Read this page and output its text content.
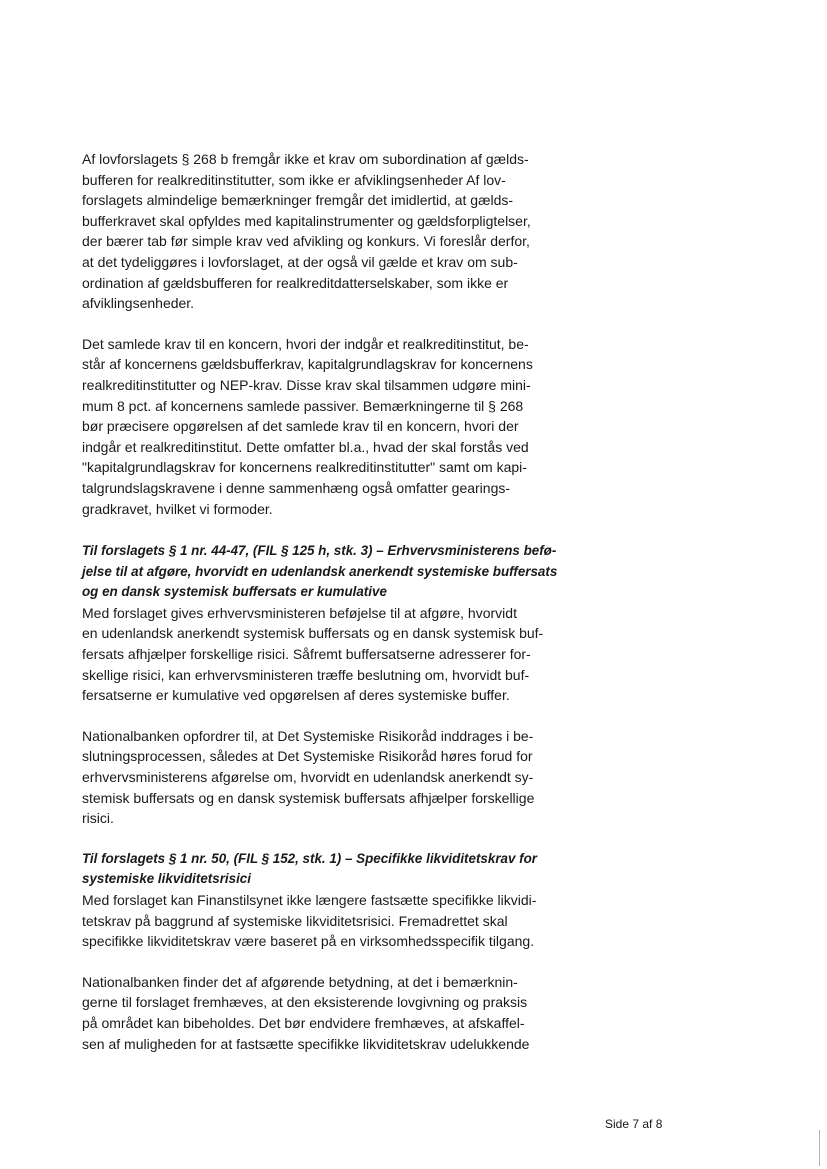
Af lovforslagets § 268 b fremgår ikke et krav om subordination af gælds-
bufferen for realkreditinstitutter, som ikke er afviklingsenheder Af lov-
forslagets almindelige bemærkninger fremgår det imidlertid, at gælds-
bufferkravet skal opfyldes med kapitalinstrumenter og gældsforpligtelser,
der bærer tab før simple krav ved afvikling og konkurs. Vi foreslår derfor,
at det tydeliggøres i lovforslaget, at der også vil gælde et krav om sub-
ordination af gældsbufferen for realkreditdatterselskaber, som ikke er
afviklingsenheder.

Det samlede krav til en koncern, hvori der indgår et realkreditinstitut, be-
står af koncernens gældsbufferkrav, kapitalgrundlagskrav for koncernens
realkreditinstitutter og NEP-krav. Disse krav skal tilsammen udgøre mini-
mum 8 pct. af koncernens samlede passiver. Bemærkningerne til § 268
bør præcisere opgørelsen af det samlede krav til en koncern, hvori der
indgår et realkreditinstitut. Dette omfatter bl.a., hvad der skal forstås ved
"kapitalgrundlagskrav for koncernens realkreditinstitutter" samt om kapi-
talgrundslagskravene i denne sammenhæng også omfatter gearings-
gradkravet, hvilket vi formoder.

Til forslagets § 1 nr. 44-47, (FIL § 125 h, stk. 3) – Erhvervsministerens befø-
jelse til at afgøre, hvorvidt en udenlandsk anerkendt systemiske buffersats
og en dansk systemisk buffersats er kumulative

Med forslaget gives erhvervsministeren beføjelse til at afgøre, hvorvidt
en udenlandsk anerkendt systemisk buffersats og en dansk systemisk buf-
fersats afhjælper forskellige risici. Såfremt buffersatserne adresserer for-
skellige risici, kan erhvervsministeren træffe beslutning om, hvorvidt buf-
fersatserne er kumulative ved opgørelsen af deres systemiske buffer.

Nationalbanken opfordrer til, at Det Systemiske Risikoråd inddrages i be-
slutningsprocessen, således at Det Systemiske Risikoråd høres forud for
erhvervsministerens afgørelse om, hvorvidt en udenlandsk anerkendt sy-
stemisk buffersats og en dansk systemisk buffersats afhjælper forskellige
risici.

Til forslagets § 1 nr. 50, (FIL § 152, stk. 1) – Specifikke likviditetskrav for
systemiske likviditetsrisici

Med forslaget kan Finanstilsynet ikke længere fastsætte specifikke likvidi-
tetskrav på baggrund af systemiske likviditetsrisici. Fremadrettet skal
specifikke likviditetskrav være baseret på en virksomhedsspecifik tilgang.

Nationalbanken finder det af afgørende betydning, at det i bemærknin-
gerne til forslaget fremhæves, at den eksisterende lovgivning og praksis
på området kan bibeholdes. Det bør endvidere fremhæves, at afskaffel-
sen af muligheden for at fastsætte specifikke likviditetskrav udelukkende

Side 7 af 8
